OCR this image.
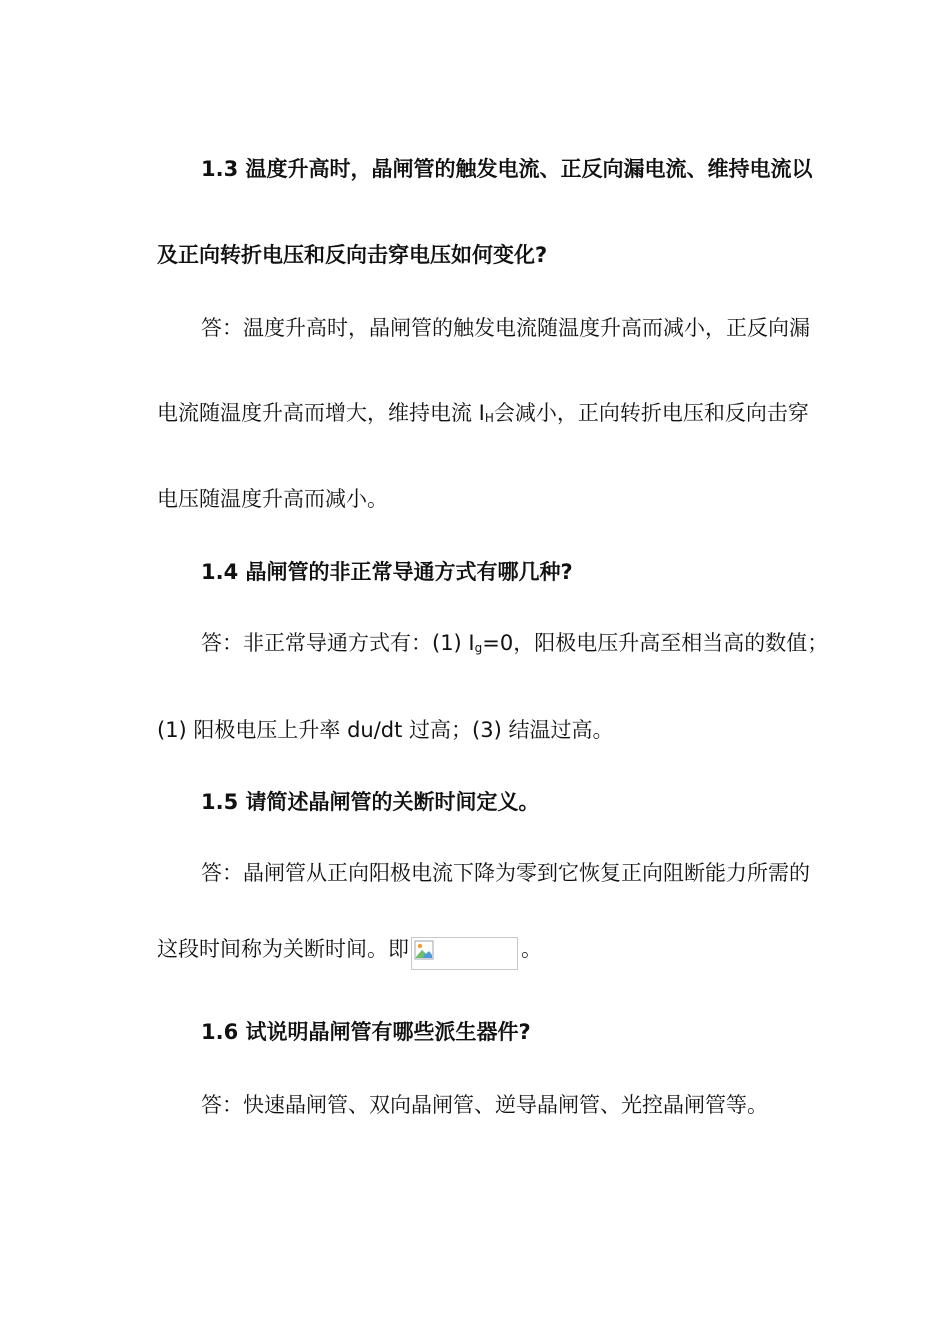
1.3 温度升高时，晶闸管的触发电流、正反向漏电流、维持电流以
及正向转折电压和反向击穿电压如何变化?
答：温度升高时，晶闸管的触发电流随温度升高而减小，正反向漏
电流随温度升高而增大，维持电流 $I_H$会减小，正向转折电压和反向击穿
电压随温度升高而减小。
1.4 晶闸管的非正常导通方式有哪几种?
答：非正常导通方式有：(1) $I_g=0$，阳极电压升高至相当高的数值；
(1) 阳极电压上升率 du/dt 过高；(3) 结温过高。
1.5 请简述晶闸管的关断时间定义。
答：晶闸管从正向阳极电流下降为零到它恢复正向阻断能力所需的
这段时间称为关断时间。即	。
1.6 试说明晶闸管有哪些派生器件?
答：快速晶闸管、双向晶闸管、逆导晶闸管、光控晶闸管等。
